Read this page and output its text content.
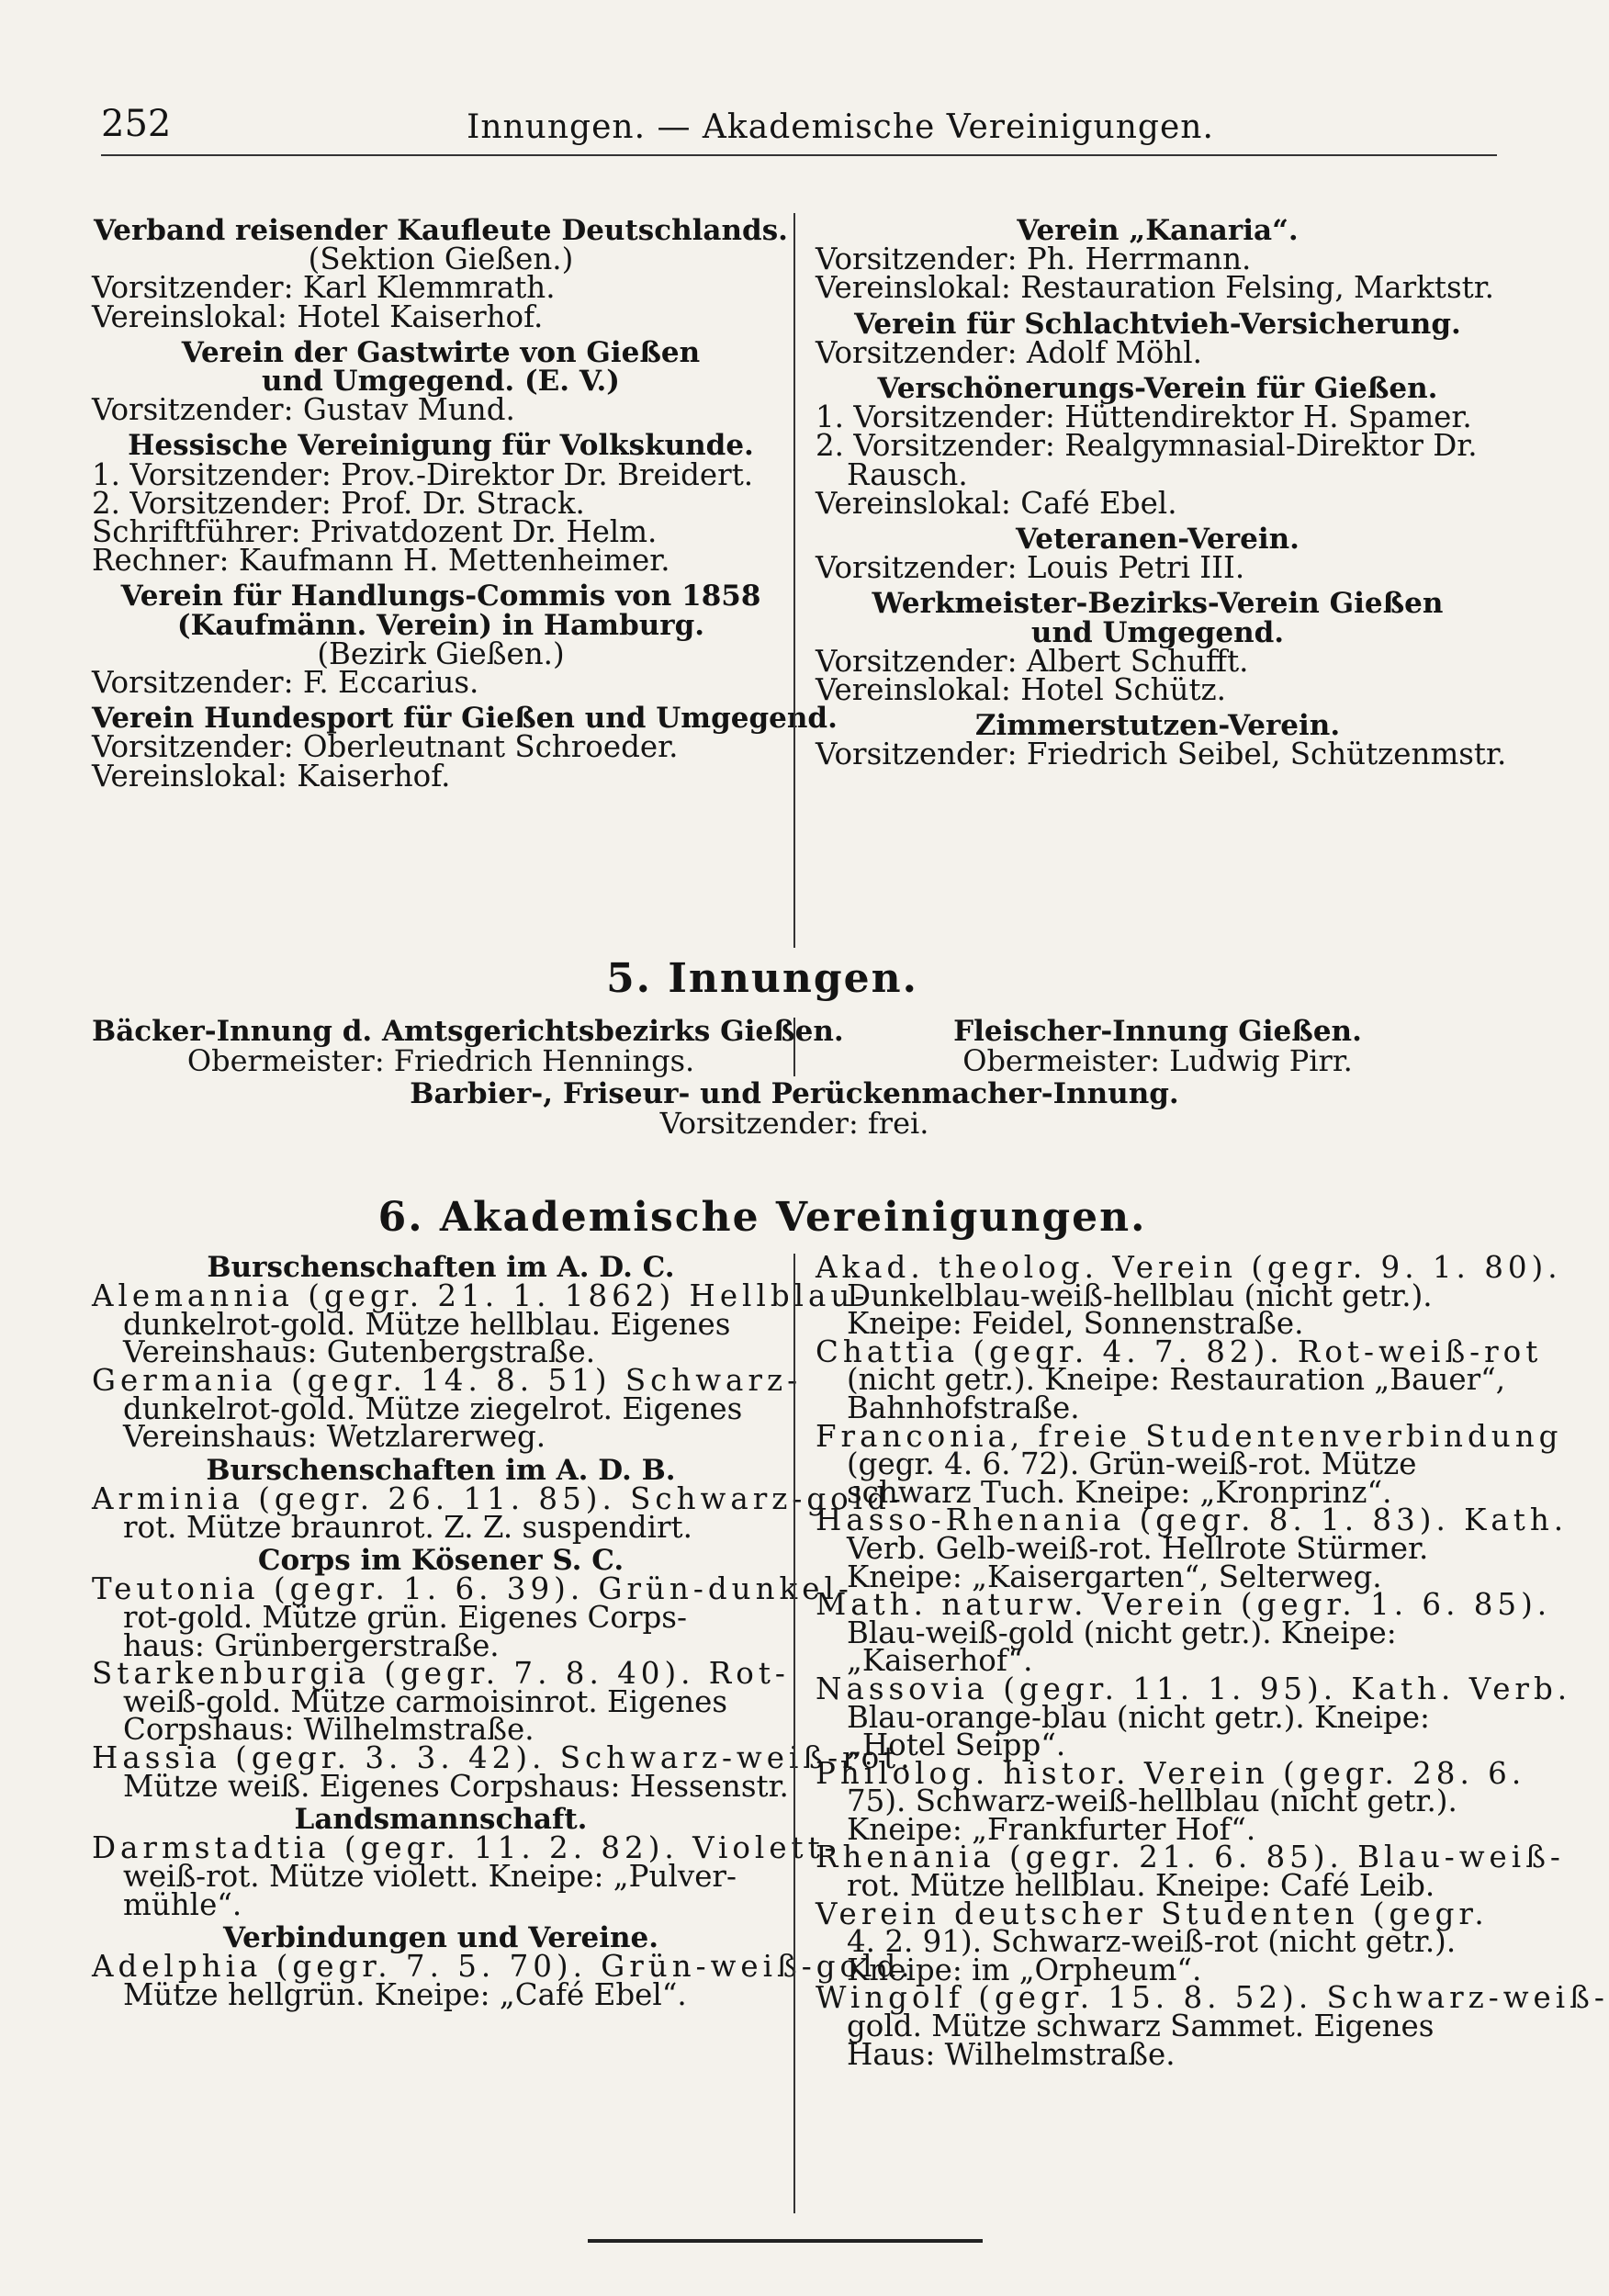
252	Innungen. — Akademische Vereinigungen.
Verband reisender Kaufleute Deutschlands.
(Sektion Gießen.)
Vorsitzender: Karl Klemmrath.
Vereinslokal: Hotel Kaiserhof.
Verein der Gastwirte von Gießen
und Umgegend. (E. V.)
Vorsitzender: Gustav Mund.
Hessische Vereinigung für Volkskunde.
1. Vorsitzender: Prov.-Direktor Dr. Breidert.
2. Vorsitzender: Prof. Dr. Strack.
Schriftführer: Privatdozent Dr. Helm.
Rechner: Kaufmann H. Mettenheimer.
Verein für Handlungs-Commis von 1858
(Kaufmänn. Verein) in Hamburg.
(Bezirk Gießen.)
Vorsitzender: F. Eccarius.
Verein Hundesport für Gießen und Umgegend.
Vorsitzender: Oberleutnant Schroeder.
Vereinslokal: Kaiserhof.
Verein „Kanaria“.
Vorsitzender: Ph. Herrmann.
Vereinslokal: Restauration Felsing, Marktstr.
Verein für Schlachtvieh-Versicherung.
Vorsitzender: Adolf Möhl.
Verschönerungs-Verein für Gießen.
1. Vorsitzender: Hüttendirektor H. Spamer.
2. Vorsitzender: Realgymnasial-Direktor Dr.
Rausch.
Vereinslokal: Café Ebel.
Veteranen-Verein.
Vorsitzender: Louis Petri III.
Werkmeister-Bezirks-Verein Gießen
und Umgegend.
Vorsitzender: Albert Schufft.
Vereinslokal: Hotel Schütz.
Zimmerstutzen-Verein.
Vorsitzender: Friedrich Seibel, Schützenmstr.
5. Innungen.
Bäcker-Innung d. Amtsgerichtsbezirks Gießen.
Obermeister: Friedrich Hennings.
Fleischer-Innung Gießen.
Obermeister: Ludwig Pirr.
Barbier-, Friseur- und Perückenmacher-Innung.
Vorsitzender: frei.
6. Akademische Vereinigungen.
Burschenschaften im A. D. C.
Alemannia (gegr. 21. 1. 1862) Hellblau-
dunkelrot-gold. Mütze hellblau. Eigenes
Vereinshaus: Gutenbergstraße.
Germania (gegr. 14. 8. 51) Schwarz-
dunkelrot-gold. Mütze ziegelrot. Eigenes
Vereinshaus: Wetzlarerweg.
Burschenschaften im A. D. B.
Arminia (gegr. 26. 11. 85). Schwarz-gold-
rot. Mütze braunrot. Z. Z. suspendirt.
Corps im Kösener S. C.
Teutonia (gegr. 1. 6. 39). Grün-dunkel-
rot-gold. Mütze grün. Eigenes Corps-
haus: Grünbergerstraße.
Starkenburgia (gegr. 7. 8. 40). Rot-
weiß-gold. Mütze carmoisinrot. Eigenes
Corpshaus: Wilhelmstraße.
Hassia (gegr. 3. 3. 42). Schwarz-weiß-rot.
Mütze weiß. Eigenes Corpshaus: Hessenstr.
Landsmannschaft.
Darmstadtia (gegr. 11. 2. 82). Violett-
weiß-rot. Mütze violett. Kneipe: „Pulver-
mühle“.
Verbindungen und Vereine.
Adelphia (gegr. 7. 5. 70). Grün-weiß-gold.
Mütze hellgrün. Kneipe: „Café Ebel“.
Akad. theolog. Verein (gegr. 9. 1. 80).
Dunkelblau-weiß-hellblau (nicht getr.).
Kneipe: Feidel, Sonnenstraße.
Chattia (gegr. 4. 7. 82). Rot-weiß-rot
(nicht getr.). Kneipe: Restauration „Bauer“,
Bahnhofstraße.
Franconia, freie Studentenverbindung
(gegr. 4. 6. 72). Grün-weiß-rot. Mütze
schwarz Tuch. Kneipe: „Kronprinz“.
Hasso-Rhenania (gegr. 8. 1. 83). Kath.
Verb. Gelb-weiß-rot. Hellrote Stürmer.
Kneipe: „Kaisergarten“, Selterweg.
Math. naturw. Verein (gegr. 1. 6. 85).
Blau-weiß-gold (nicht getr.). Kneipe:
„Kaiserhof“.
Nassovia (gegr. 11. 1. 95). Kath. Verb.
Blau-orange-blau (nicht getr.). Kneipe:
„Hotel Seipp“.
Philolog. histor. Verein (gegr. 28. 6.
75). Schwarz-weiß-hellblau (nicht getr.).
Kneipe: „Frankfurter Hof“.
Rhenania (gegr. 21. 6. 85). Blau-weiß-
rot. Mütze hellblau. Kneipe: Café Leib.
Verein deutscher Studenten (gegr.
4. 2. 91). Schwarz-weiß-rot (nicht getr.).
Kneipe: im „Orpheum“.
Wingolf (gegr. 15. 8. 52). Schwarz-weiß-
gold. Mütze schwarz Sammet. Eigenes
Haus: Wilhelmstraße.
